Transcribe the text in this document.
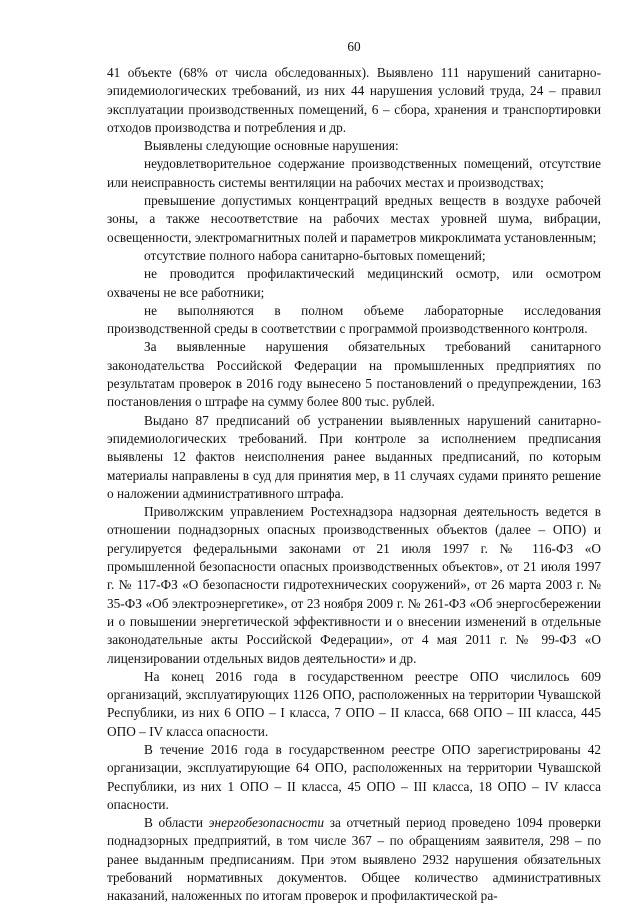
60

41 объекте (68% от числа обследованных). Выявлено 111 нарушений санитарно-эпидемиологических требований, из них 44 нарушения условий труда, 24 – правил эксплуатации производственных помещений, 6 – сбора, хранения и транспортировки отходов производства и потребления и др.

Выявлены следующие основные нарушения:

неудовлетворительное содержание производственных помещений, отсутствие или неисправность системы вентиляции на рабочих местах и производствах;

превышение допустимых концентраций вредных веществ в воздухе рабочей зоны, а также несоответствие на рабочих местах уровней шума, вибрации, освещенности, электромагнитных полей и параметров микроклимата установленным;

отсутствие полного набора санитарно-бытовых помещений;

не проводится профилактический медицинский осмотр, или осмотром охвачены не все работники;

не выполняются в полном объеме лабораторные исследования производственной среды в соответствии с программой производственного контроля.

За выявленные нарушения обязательных требований санитарного законодательства Российской Федерации на промышленных предприятиях по результатам проверок в 2016 году вынесено 5 постановлений о предупреждении, 163 постановления о штрафе на сумму более 800 тыс. рублей.

Выдано 87 предписаний об устранении выявленных нарушений санитарно-эпидемиологических требований. При контроле за исполнением предписания выявлены 12 фактов неисполнения ранее выданных предписаний, по которым материалы направлены в суд для принятия мер, в 11 случаях судами принято решение о наложении административного штрафа.

Приволжским управлением Ростехнадзора надзорная деятельность ведется в отношении поднадзорных опасных производственных объектов (далее – ОПО) и регулируется федеральными законами от 21 июля 1997 г. № 116-ФЗ «О промышленной безопасности опасных производственных объектов», от 21 июля 1997 г. № 117-ФЗ «О безопасности гидротехнических сооружений», от 26 марта 2003 г. № 35-ФЗ «Об электроэнергетике», от 23 ноября 2009 г. № 261-ФЗ «Об энергосбережении и о повышении энергетической эффективности и о внесении изменений в отдельные законодательные акты Российской Федерации», от 4 мая 2011 г. № 99-ФЗ «О лицензировании отдельных видов деятельности» и др.

На конец 2016 года в государственном реестре ОПО числилось 609 организаций, эксплуатирующих 1126 ОПО, расположенных на территории Чувашской Республики, из них 6 ОПО – I класса, 7 ОПО – II класса, 668 ОПО – III класса, 445 ОПО – IV класса опасности.

В течение 2016 года в государственном реестре ОПО зарегистрированы 42 организации, эксплуатирующие 64 ОПО, расположенных на территории Чувашской Республики, из них 1 ОПО – II класса, 45 ОПО – III класса, 18 ОПО – IV класса опасности.

В области энергобезопасности за отчетный период проведено 1094 проверки поднадзорных предприятий, в том числе 367 – по обращениям заявителя, 298 – по ранее выданным предписаниям. При этом выявлено 2932 нарушения обязательных требований нормативных документов. Общее количество административных наказаний, наложенных по итогам проверок и профилактической ра-
